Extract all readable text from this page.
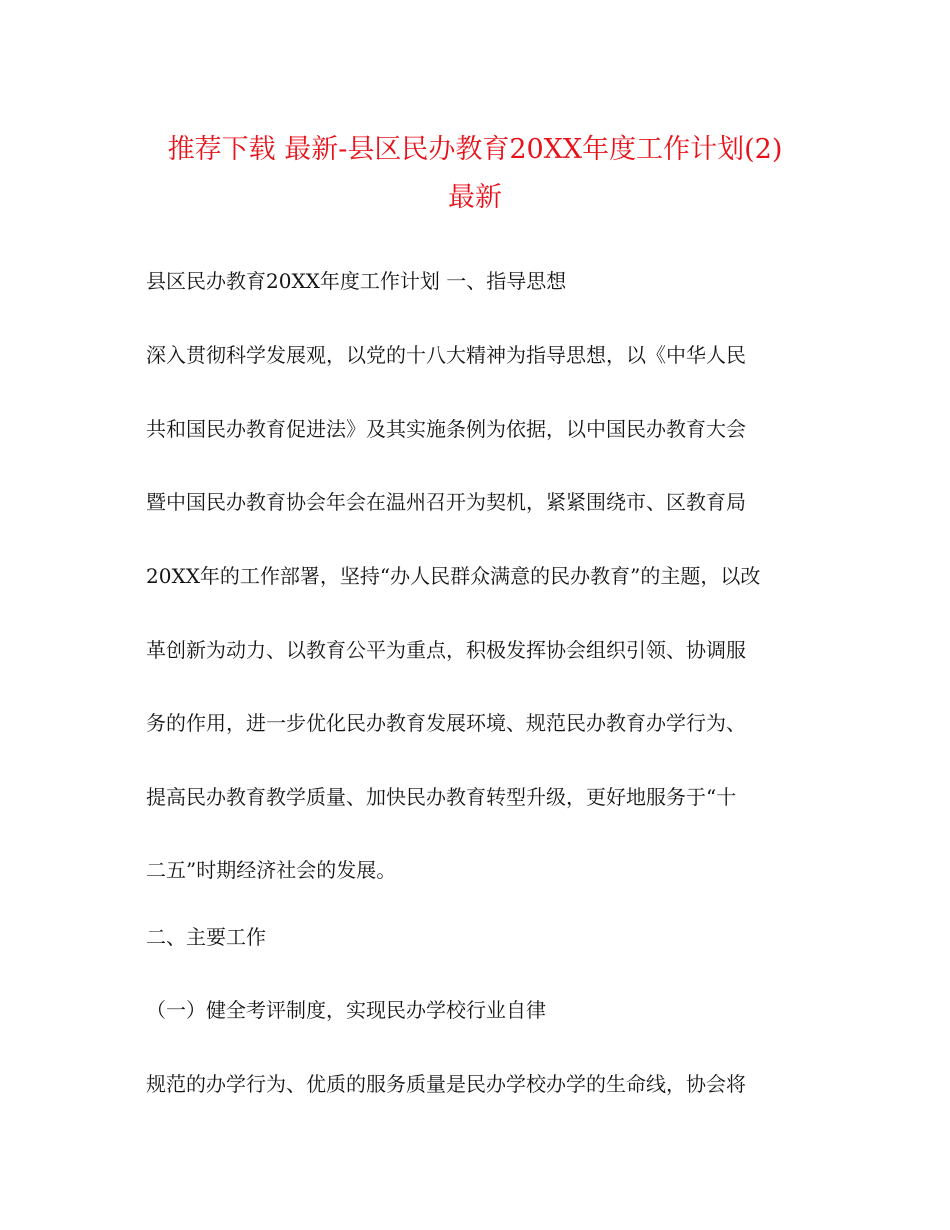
推荐下载 最新-县区民办教育20XX年度工作计划(2)
最新
县区民办教育20XX年度工作计划 一、指导思想
深入贯彻科学发展观，以党的十八大精神为指导思想，以《中华人民
共和国民办教育促进法》及其实施条例为依据，以中国民办教育大会
暨中国民办教育协会年会在温州召开为契机，紧紧围绕市、区教育局
20XX年的工作部署，坚持“办人民群众满意的民办教育”的主题，以改
革创新为动力、以教育公平为重点，积极发挥协会组织引领、协调服
务的作用，进一步优化民办教育发展环境、规范民办教育办学行为、
提高民办教育教学质量、加快民办教育转型升级，更好地服务于“十
二五”时期经济社会的发展。
二、主要工作
（一）健全考评制度，实现民办学校行业自律
规范的办学行为、优质的服务质量是民办学校办学的生命线，协会将
